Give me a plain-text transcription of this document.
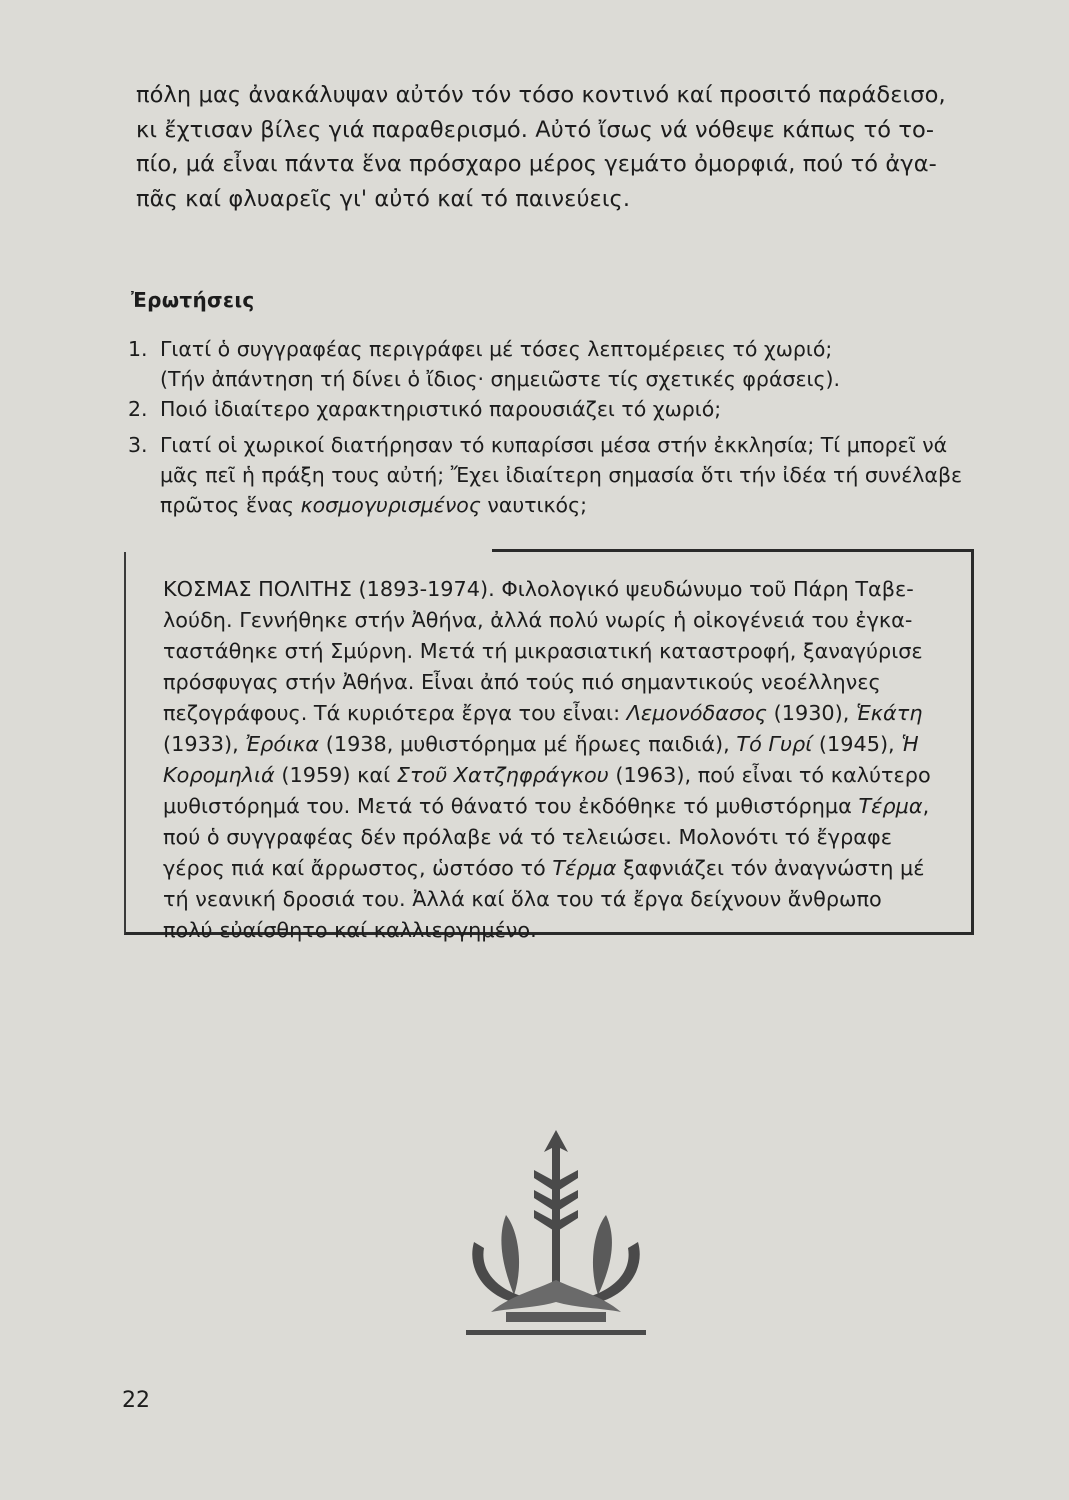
πόλη μας ἀνακάλυψαν αὐτόν τόν τόσο κοντινό καί προσιτό παράδεισο,
κι ἔχτισαν βίλες γιά παραθερισμό. Αὐτό ἴσως νά νόθεψε κάπως τό το-
πίο, μά εἶναι πάντα ἕνα πρόσχαρο μέρος γεμάτο ὀμορφιά, πού τό ἀγα-
πᾶς καί φλυαρεῖς γι' αὐτό καί τό παινεύεις.
Ἐρωτήσεις
1. Γιατί ὁ συγγραφέας περιγράφει μέ τόσες λεπτομέρειες τό χωριό;
(Τήν ἀπάντηση τή δίνει ὁ ἴδιος· σημειῶστε τίς σχετικές φράσεις).
2. Ποιό ἰδιαίτερο χαρακτηριστικό παρουσιάζει τό χωριό;
3. Γιατί οἱ χωρικοί διατήρησαν τό κυπαρίσσι μέσα στήν ἐκκλησία; Τί μπορεῖ νά
μᾶς πεῖ ἡ πράξη τους αὐτή; Ἔχει ἰδιαίτερη σημασία ὅτι τήν ἰδέα τή συνέλαβε
πρῶτος ἕνας κοσμογυρισμένος ναυτικός;
ΚΟΣΜΑΣ ΠΟΛΙΤΗΣ (1893-1974). Φιλολογικό ψευδώνυμο τοῦ Πάρη Ταβε-
λούδη. Γεννήθηκε στήν Ἀθήνα, ἀλλά πολύ νωρίς ἡ οἰκογένειά του ἐγκα-
ταστάθηκε στή Σμύρνη. Μετά τή μικρασιατική καταστροφή, ξαναγύρισε
πρόσφυγας στήν Ἀθήνα. Εἶναι ἀπό τούς πιό σημαντικούς νεοέλληνες
πεζογράφους. Τά κυριότερα ἔργα του εἶναι: Λεμονόδασος (1930), Ἑκάτη
(1933), Ἐρόικα (1938, μυθιστόρημα μέ ἥρωες παιδιά), Τό Γυρί (1945), Ἡ
Κορομηλιά (1959) καί Στοῦ Χατζηφράγκου (1963), πού εἶναι τό καλύτερο
μυθιστόρημά του. Μετά τό θάνατό του ἐκδόθηκε τό μυθιστόρημα Τέρμα,
πού ὁ συγγραφέας δέν πρόλαβε νά τό τελειώσει. Μολονότι τό ἔγραφε
γέρος πιά καί ἄρρωστος, ὡστόσο τό Τέρμα ξαφνιάζει τόν ἀναγνώστη μέ
τή νεανική δροσιά του. Ἀλλά καί ὅλα του τά ἔργα δείχνουν ἄνθρωπο
πολύ εὐαίσθητο καί καλλιεργημένο.
22
